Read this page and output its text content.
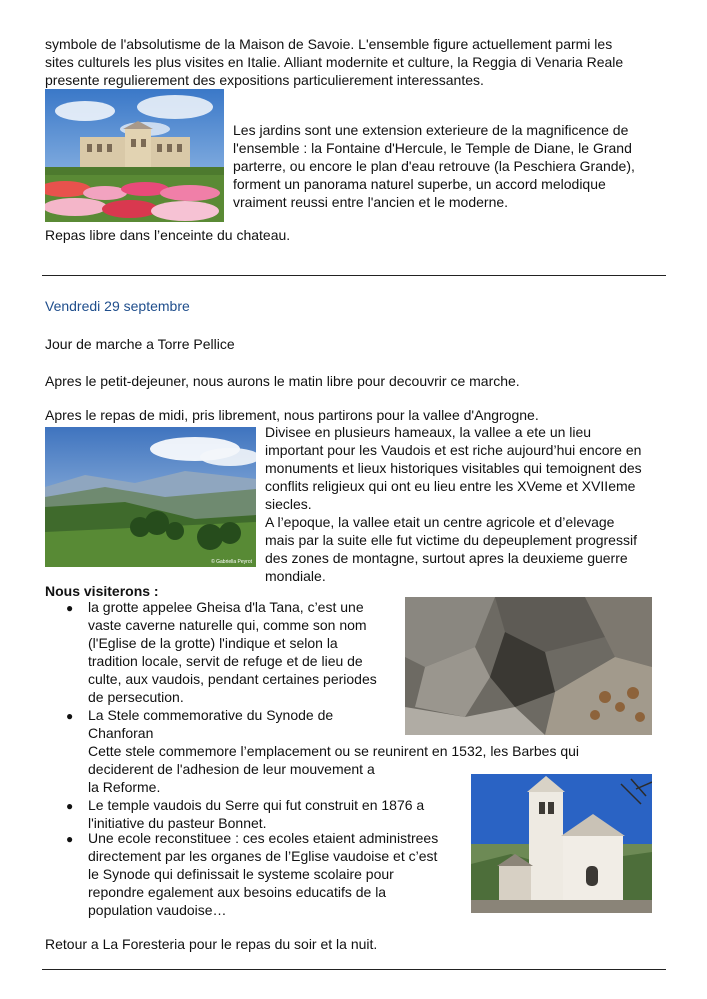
symbole de l'absolutisme de la Maison de Savoie. L'ensemble figure actuellement parmi les
sites culturels les plus visites en Italie. Alliant modernite et culture, la Reggia di Venaria Reale
presente regulierement des expositions particulierement interessantes.
Les jardins sont une extension exterieure de la magnificence de
l'ensemble : la Fontaine d'Hercule, le Temple de Diane, le Grand
parterre, ou encore le plan d'eau retrouve (la Peschiera Grande),
forment un panorama naturel superbe, un accord melodique
vraiment reussi entre l'ancien et le moderne.
Repas libre dans l’enceinte du chateau.
Vendredi 29 septembre
Jour de marche a Torre Pellice
Apres le petit-dejeuner, nous aurons le matin libre pour decouvrir ce marche.
Apres le repas de midi, pris librement, nous partirons pour la vallee d'Angrogne.
© Gabriella Peyrot
Divisee en plusieurs hameaux, la vallee a ete un lieu
important pour les Vaudois et est riche aujourd’hui encore en
monuments et lieux historiques visitables qui temoignent des
conflits religieux qui ont eu lieu entre les XVeme et XVIIeme
siecles.
A l’epoque, la vallee etait un centre agricole et d’elevage
mais par la suite elle fut victime du depeuplement progressif
des zones de montagne, surtout apres la deuxieme guerre
mondiale.
Nous visiterons :
● la grotte appelee Gheisa d'la Tana, c’est une
vaste caverne naturelle qui, comme son nom
(l'Eglise de la grotte) l'indique et selon la
tradition locale, servit de refuge et de lieu de
culte, aux vaudois, pendant certaines periodes
de persecution.
● La Stele commemorative du Synode de
Chanforan
Cette stele commemore l’emplacement ou se reunirent en 1532, les Barbes qui
deciderent de l'adhesion de leur mouvement a
la Reforme.
● Le temple vaudois du Serre qui fut construit en 1876 a
l'initiative du pasteur Bonnet.
● Une ecole reconstituee : ces ecoles etaient administrees
directement par les organes de l’Eglise vaudoise et c’est
le Synode qui definissait le systeme scolaire pour
repondre egalement aux besoins educatifs de la
population vaudoise…
Retour a La Foresteria pour le repas du soir et la nuit.
